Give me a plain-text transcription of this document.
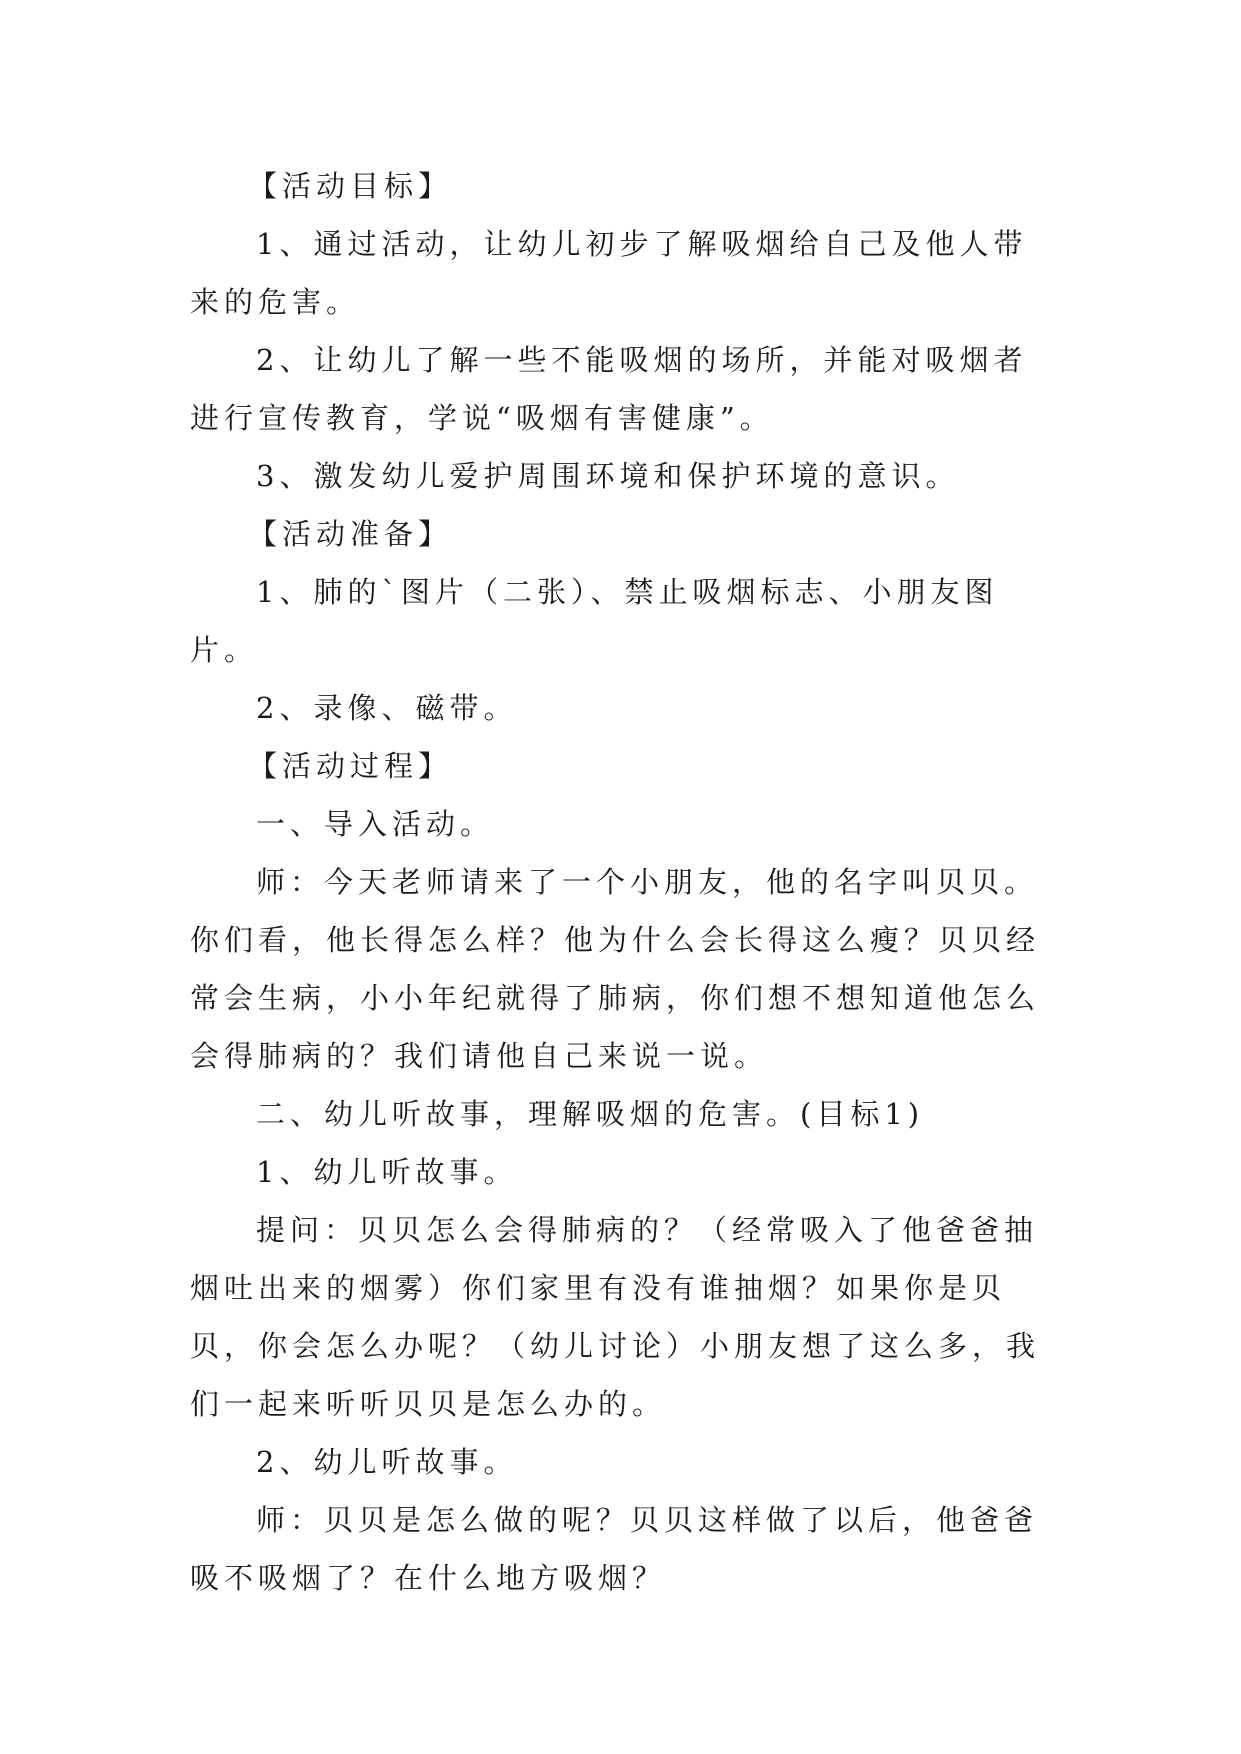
【活动目标】

1、通过活动，让幼儿初步了解吸烟给自己及他人带来的危害。

2、让幼儿了解一些不能吸烟的场所，并能对吸烟者进行宣传教育，学说“吸烟有害健康”。

3、激发幼儿爱护周围环境和保护环境的意识。

【活动准备】

1、肺的`图片（二张）、禁止吸烟标志、小朋友图片。

2、录像、磁带。

【活动过程】

一、导入活动。

师：今天老师请来了一个小朋友，他的名字叫贝贝。你们看，他长得怎么样？他为什么会长得这么瘦？贝贝经常会生病，小小年纪就得了肺病，你们想不想知道他怎么会得肺病的？我们请他自己来说一说。

二、幼儿听故事，理解吸烟的危害。(目标1)

1、幼儿听故事。

提问：贝贝怎么会得肺病的？（经常吸入了他爸爸抽烟吐出来的烟雾）你们家里有没有谁抽烟？如果你是贝贝，你会怎么办呢？（幼儿讨论）小朋友想了这么多，我们一起来听听贝贝是怎么办的。

2、幼儿听故事。

师：贝贝是怎么做的呢？贝贝这样做了以后，他爸爸吸不吸烟了？在什么地方吸烟？
